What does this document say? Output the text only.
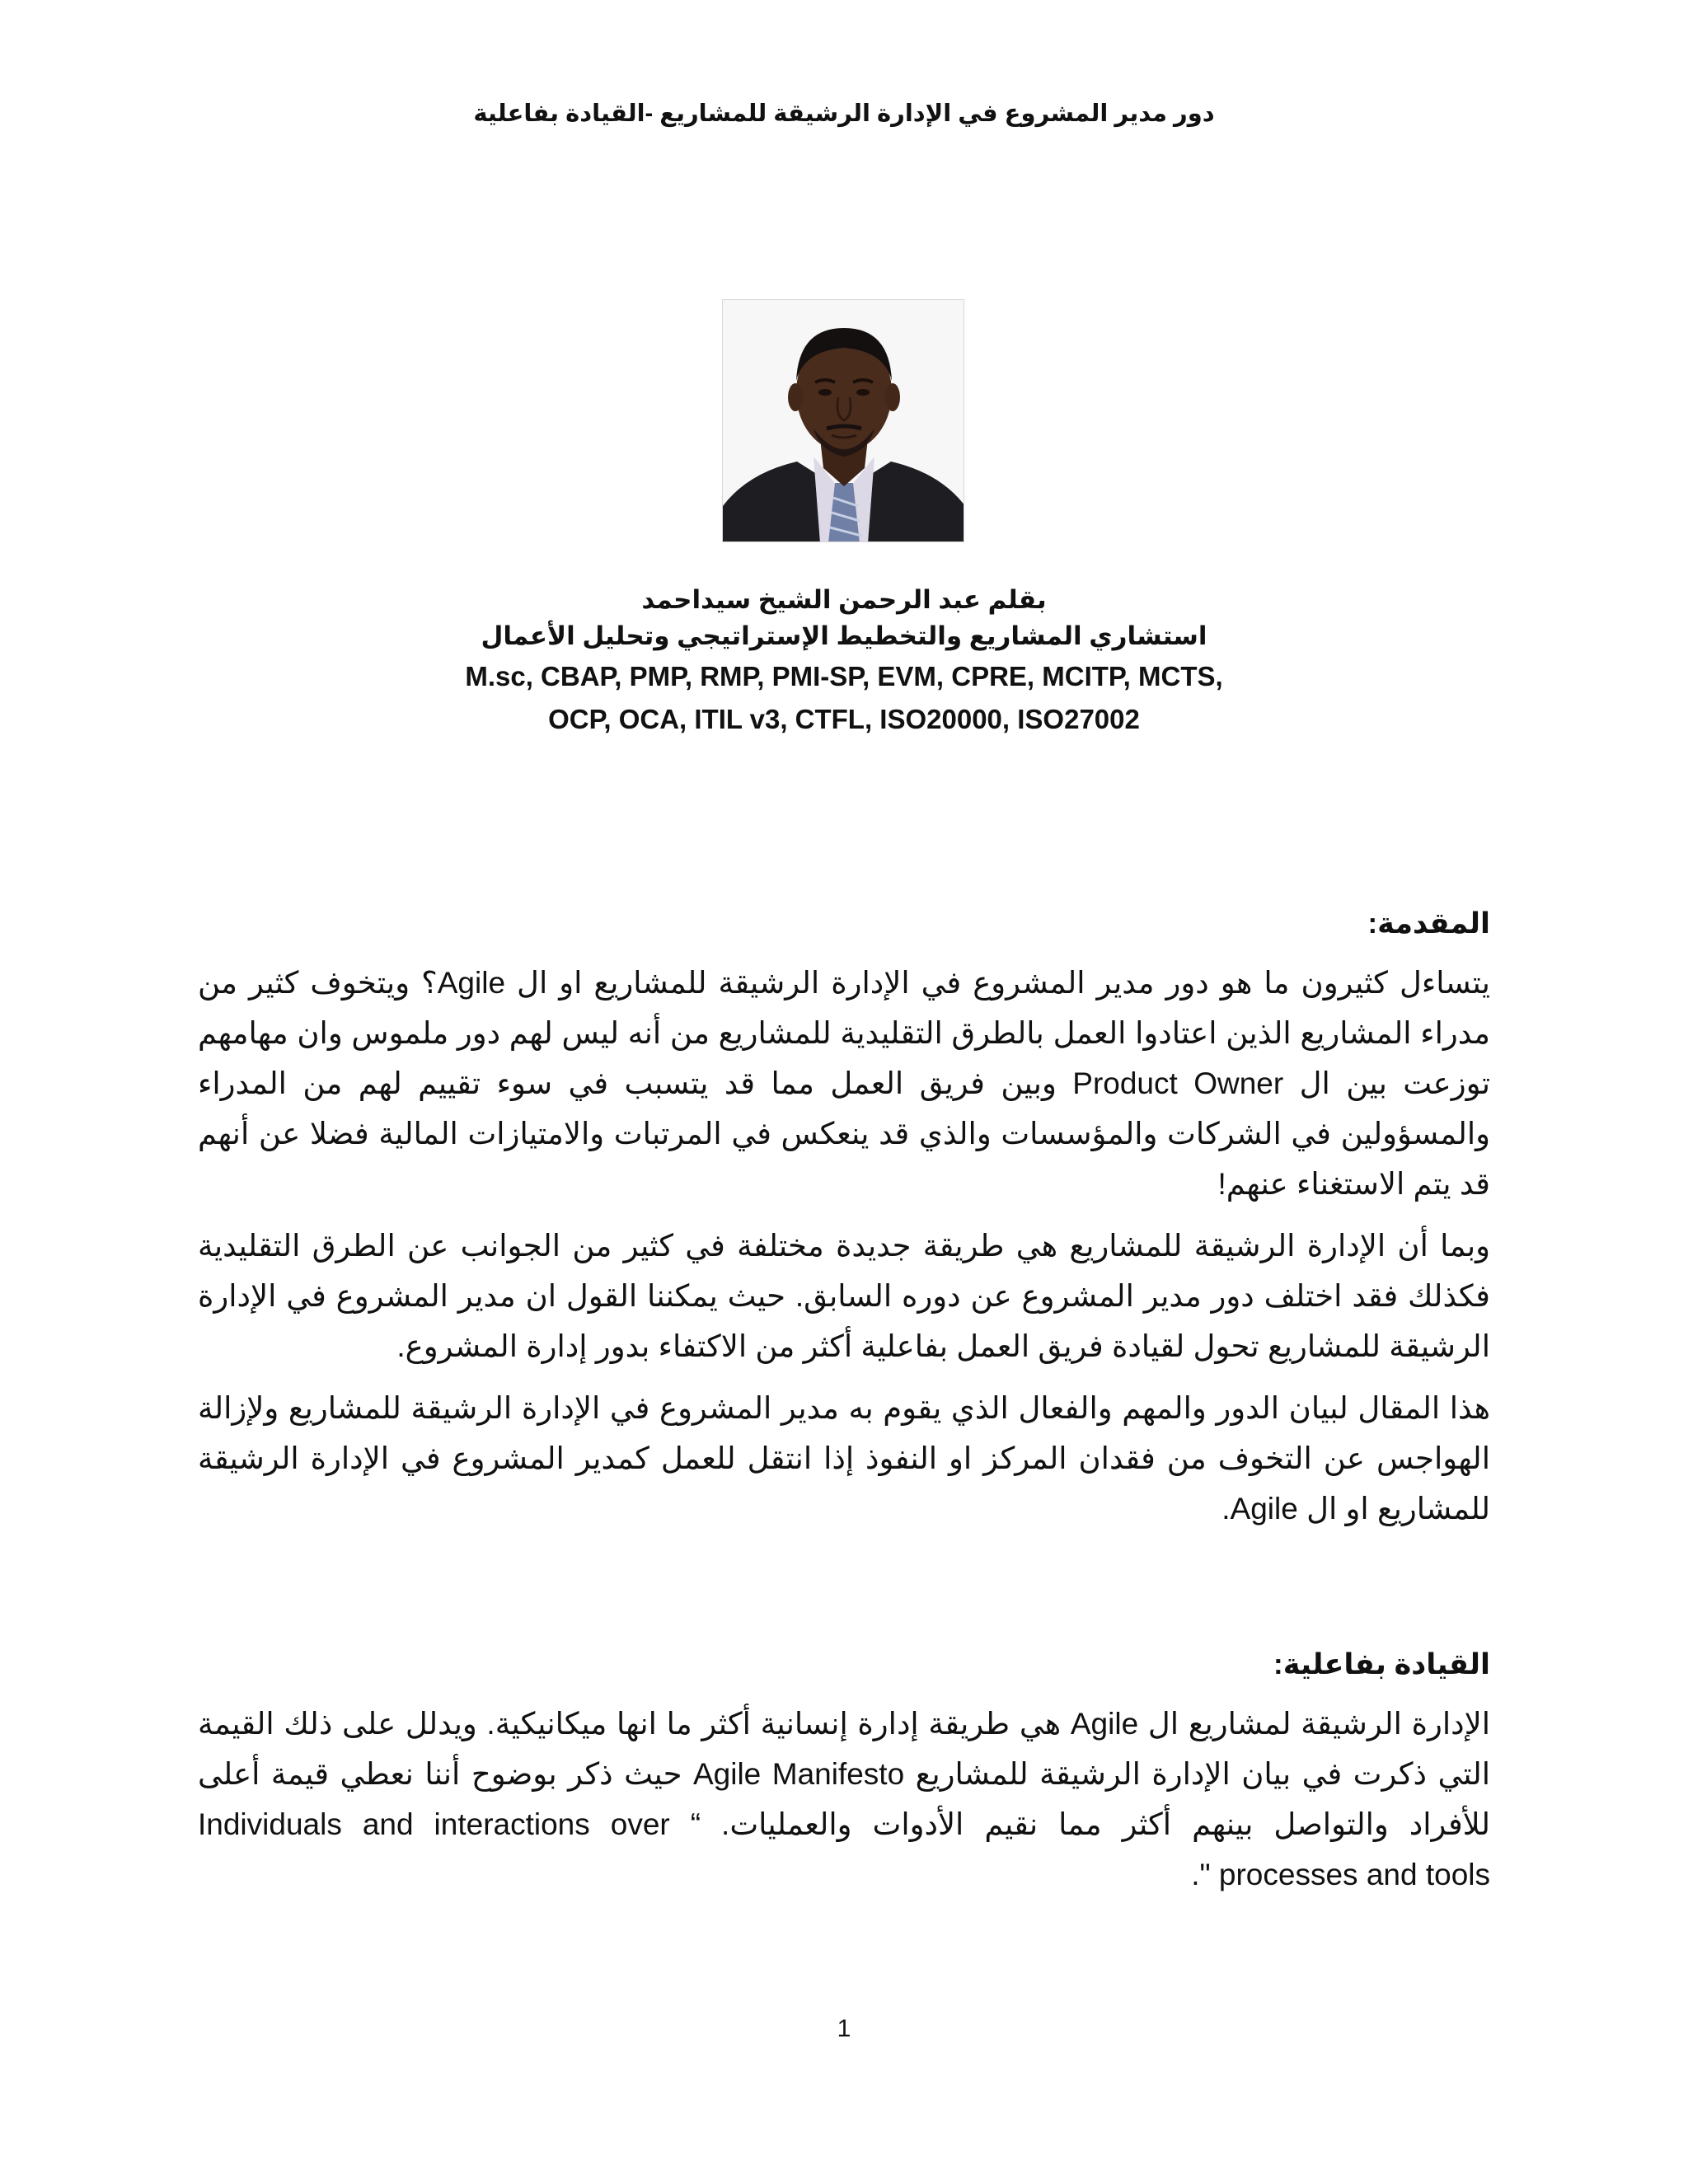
دور مدير المشروع في الإدارة الرشيقة للمشاريع -القيادة بفاعلية
بقلم عبد الرحمن الشيخ سيداحمد
استشاري المشاريع والتخطيط الإستراتيجي وتحليل الأعمال
M.sc, CBAP, PMP, RMP, PMI-SP, EVM, CPRE, MCITP, MCTS,
OCP, OCA, ITIL v3, CTFL, ISO20000, ISO27002
المقدمة:
يتساءل كثيرون ما هو دور مدير المشروع في الإدارة الرشيقة للمشاريع او ال Agile؟ ويتخوف كثير من مدراء المشاريع الذين اعتادوا العمل بالطرق التقليدية للمشاريع من أنه ليس لهم دور ملموس وان مهامهم توزعت بين ال Product Owner وبين فريق العمل مما قد يتسبب في سوء تقييم لهم من المدراء والمسؤولين في الشركات والمؤسسات والذي قد ينعكس في المرتبات والامتيازات المالية فضلا عن أنهم قد يتم الاستغناء عنهم!
وبما أن الإدارة الرشيقة للمشاريع هي طريقة جديدة مختلفة في كثير من الجوانب عن الطرق التقليدية فكذلك فقد اختلف دور مدير المشروع عن دوره السابق. حيث يمكننا القول ان مدير المشروع في الإدارة الرشيقة للمشاريع تحول لقيادة فريق العمل بفاعلية أكثر من الاكتفاء بدور إدارة المشروع.
هذا المقال لبيان الدور والمهم والفعال الذي يقوم به مدير المشروع في الإدارة الرشيقة للمشاريع ولإزالة الهواجس عن التخوف من فقدان المركز او النفوذ إذا انتقل للعمل كمدير المشروع في الإدارة الرشيقة للمشاريع او ال Agile.
القيادة بفاعلية:
الإدارة الرشيقة لمشاريع ال Agile هي طريقة إدارة إنسانية أكثر ما انها ميكانيكية. ويدلل على ذلك القيمة التي ذكرت في بيان الإدارة الرشيقة للمشاريع Agile Manifesto حيث ذكر بوضوح أننا نعطي قيمة أعلى للأفراد والتواصل بينهم أكثر مما نقيم الأدوات والعمليات. “ Individuals and interactions over processes and tools ".
1
